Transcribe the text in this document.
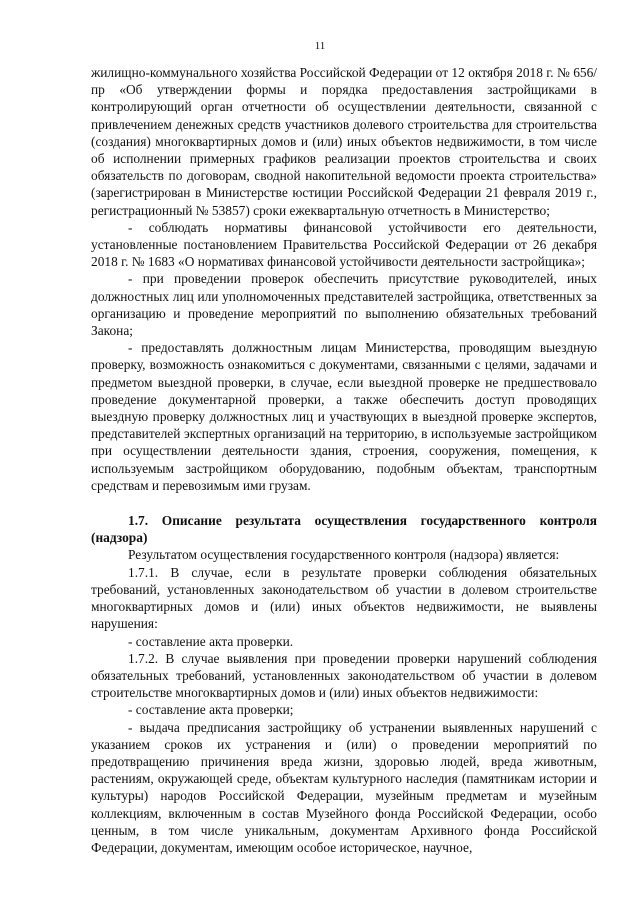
11

жилищно-коммунального хозяйства Российской Федерации от 12 октября 2018 г. № 656/пр «Об утверждении формы и порядка предоставления застройщиками в контролирующий орган отчетности об осуществлении деятельности, связанной с привлечением денежных средств участников долевого строительства для строительства (создания) многоквартирных домов и (или) иных объектов недвижимости, в том числе об исполнении примерных графиков реализации проектов строительства и своих обязательств по договорам, сводной накопительной ведомости проекта строительства» (зарегистрирован в Министерстве юстиции Российской Федерации 21 февраля 2019 г., регистрационный № 53857) сроки ежеквартальную отчетность в Министерство;

- соблюдать нормативы финансовой устойчивости его деятельности, установленные постановлением Правительства Российской Федерации от 26 декабря 2018 г. № 1683 «О нормативах финансовой устойчивости деятельности застройщика»;

- при проведении проверок обеспечить присутствие руководителей, иных должностных лиц или уполномоченных представителей застройщика, ответственных за организацию и проведение мероприятий по выполнению обязательных требований Закона;

- предоставлять должностным лицам Министерства, проводящим выездную проверку, возможность ознакомиться с документами, связанными с целями, задачами и предметом выездной проверки, в случае, если выездной проверке не предшествовало проведение документарной проверки, а также обеспечить доступ проводящих выездную проверку должностных лиц и участвующих в выездной проверке экспертов, представителей экспертных организаций на территорию, в используемые застройщиком при осуществлении деятельности здания, строения, сооружения, помещения, к используемым застройщиком оборудованию, подобным объектам, транспортным средствам и перевозимым ими грузам.

1.7. Описание результата осуществления государственного контроля (надзора)

Результатом осуществления государственного контроля (надзора) является:

1.7.1. В случае, если в результате проверки соблюдения обязательных требований, установленных законодательством об участии в долевом строительстве многоквартирных домов и (или) иных объектов недвижимости, не выявлены нарушения:

- составление акта проверки.

1.7.2. В случае выявления при проведении проверки нарушений соблюдения обязательных требований, установленных законодательством об участии в долевом строительстве многоквартирных домов и (или) иных объектов недвижимости:

- составление акта проверки;

- выдача предписания застройщику об устранении выявленных нарушений с указанием сроков их устранения и (или) о проведении мероприятий по предотвращению причинения вреда жизни, здоровью людей, вреда животным, растениям, окружающей среде, объектам культурного наследия (памятникам истории и культуры) народов Российской Федерации, музейным предметам и музейным коллекциям, включенным в состав Музейного фонда Российской Федерации, особо ценным, в том числе уникальным, документам Архивного фонда Российской Федерации, документам, имеющим особое историческое, научное,
